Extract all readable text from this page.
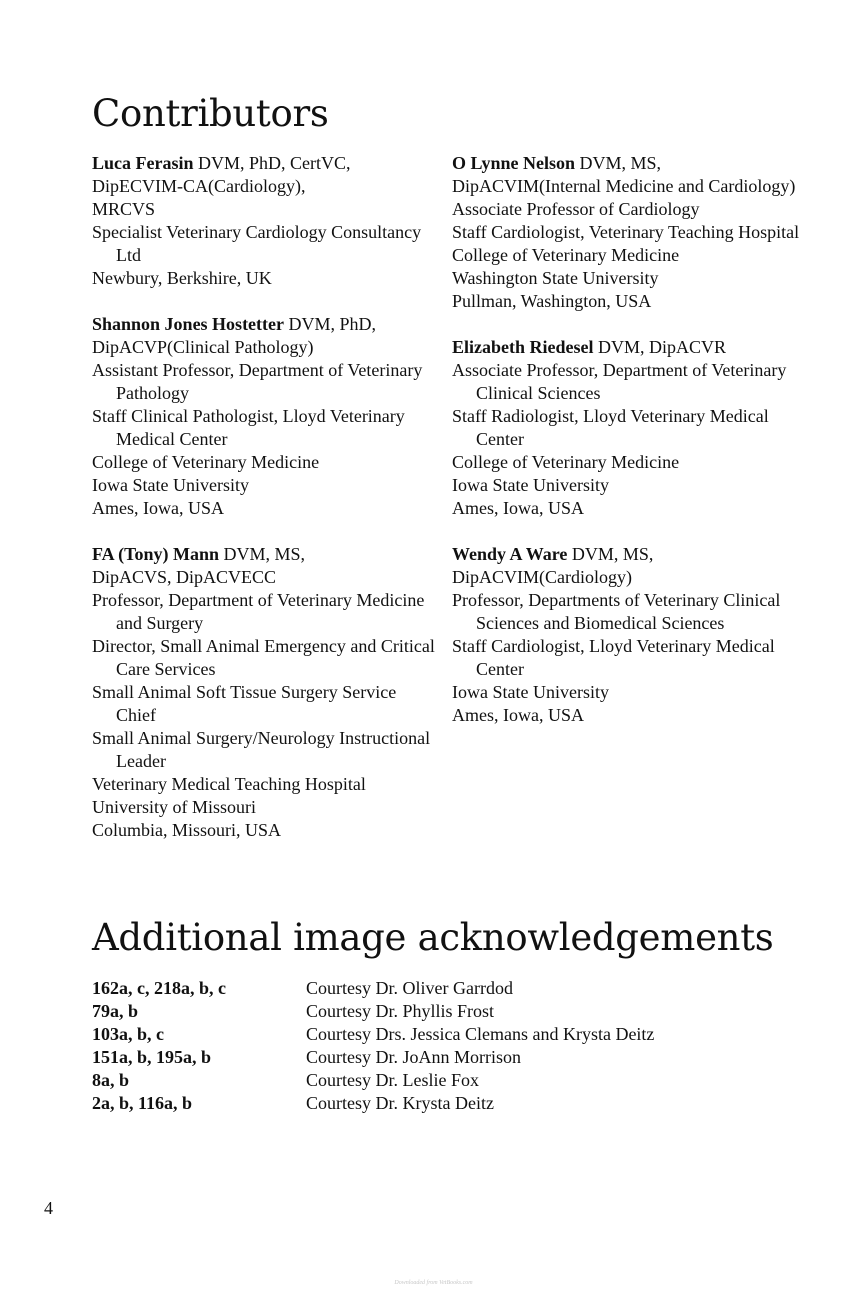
Contributors

Luca Ferasin DVM, PhD, CertVC,

DipECVIM-CA(Cardiology),

MRCVS

Specialist Veterinary Cardiology Consultancy Ltd

Newbury, Berkshire, UK

Shannon Jones Hostetter DVM, PhD,

DipACVP(Clinical Pathology)

Assistant Professor, Department of Veterinary Pathology

Staff Clinical Pathologist, Lloyd Veterinary Medical Center

College of Veterinary Medicine

Iowa State University

Ames, Iowa, USA

FA (Tony) Mann DVM, MS,

DipACVS, DipACVECC

Professor, Department of Veterinary Medicine and Surgery

Director, Small Animal Emergency and Critical Care Services

Small Animal Soft Tissue Surgery Service Chief

Small Animal Surgery/Neurology Instructional Leader

Veterinary Medical Teaching Hospital

University of Missouri

Columbia, Missouri, USA

O Lynne Nelson DVM, MS,

DipACVIM(Internal Medicine and Cardiology)

Associate Professor of Cardiology

Staff Cardiologist, Veterinary Teaching Hospital

College of Veterinary Medicine

Washington State University

Pullman, Washington, USA

Elizabeth Riedesel DVM, DipACVR

Associate Professor, Department of Veterinary Clinical Sciences

Staff Radiologist, Lloyd Veterinary Medical Center

College of Veterinary Medicine

Iowa State University

Ames, Iowa, USA

Wendy A Ware DVM, MS,

DipACVIM(Cardiology)

Professor, Departments of Veterinary Clinical Sciences and Biomedical Sciences

Staff Cardiologist, Lloyd Veterinary Medical Center

Iowa State University

Ames, Iowa, USA

Additional image acknowledgements
162a, c, 218a, b, c	Courtesy Dr. Oliver Garrdod
79a, b	Courtesy Dr. Phyllis Frost
103a, b, c	Courtesy Drs. Jessica Clemans and Krysta Deitz
151a, b, 195a, b	Courtesy Dr. JoAnn Morrison
8a, b	Courtesy Dr. Leslie Fox
2a, b, 116a, b	Courtesy Dr. Krysta Deitz
4
Downloaded from VetBooks.com
